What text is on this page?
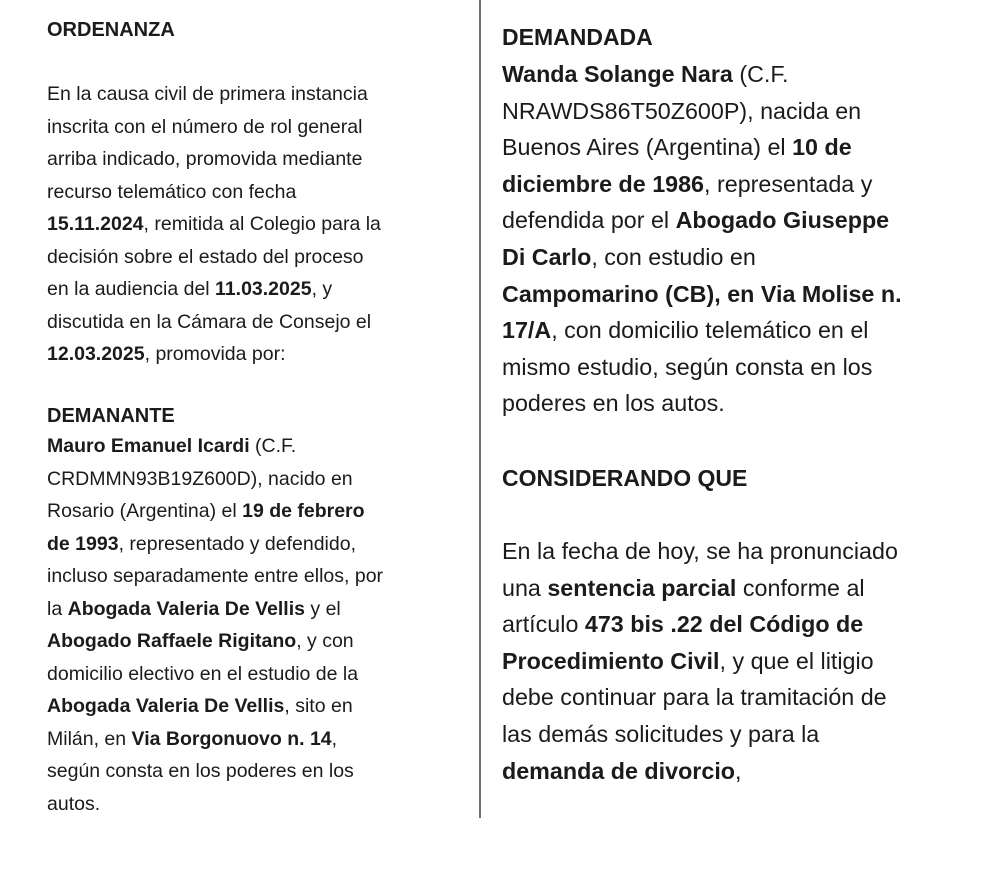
ORDENANZA

En la causa civil de primera instancia
inscrita con el número de rol general
arriba indicado, promovida mediante
recurso telemático con fecha
15.11.2024, remitida al Colegio para la
decisión sobre el estado del proceso
en la audiencia del 11.03.2025, y
discutida en la Cámara de Consejo el
12.03.2025, promovida por:

DEMANANTE

Mauro Emanuel Icardi (C.F.
CRDMMN93B19Z600D), nacido en
Rosario (Argentina) el 19 de febrero
de 1993, representado y defendido,
incluso separadamente entre ellos, por
la Abogada Valeria De Vellis y el
Abogado Raffaele Rigitano, y con
domicilio electivo en el estudio de la
Abogada Valeria De Vellis, sito en
Milán, en Via Borgonuovo n. 14,
según consta en los poderes en los
autos.

DEMANDADA

Wanda Solange Nara (C.F.
NRAWDS86T50Z600P), nacida en
Buenos Aires (Argentina) el 10 de
diciembre de 1986, representada y
defendida por el Abogado Giuseppe
Di Carlo, con estudio en
Campomarino (CB), en Via Molise n.
17/A, con domicilio telemático en el
mismo estudio, según consta en los
poderes en los autos.

CONSIDERANDO QUE

En la fecha de hoy, se ha pronunciado
una sentencia parcial conforme al
artículo 473 bis .22 del Código de
Procedimiento Civil, y que el litigio
debe continuar para la tramitación de
las demás solicitudes y para la
demanda de divorcio,
